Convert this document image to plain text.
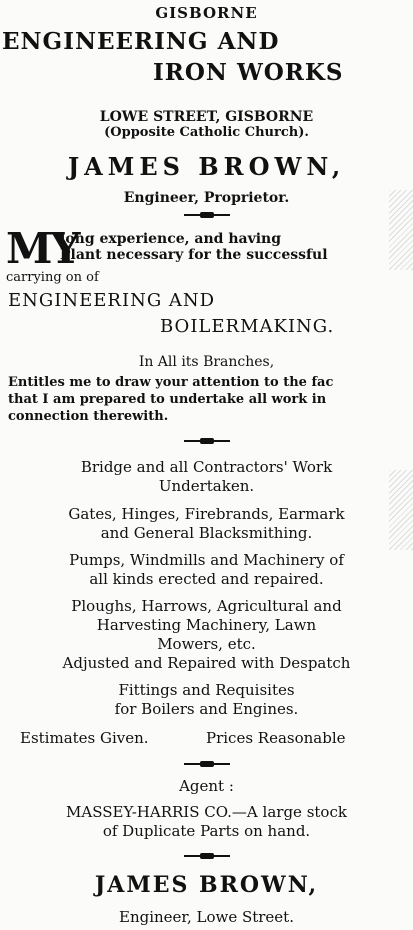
GISBORNE
ENGINEERING AND
IRON WORKS
LOWE STREET, GISBORNE
(Opposite Catholic Church).
JAMES BROWN,
Engineer, Proprietor.
MY
long experience, and having
Plant necessary for the successful
carrying on of
ENGINEERING AND
BOILERMAKING.
In All its Branches,
Entitles me to draw your attention to the fac
that I am prepared to undertake all work in
connection therewith.
Bridge and all Contractors' Work
Undertaken.
Gates, Hinges, Firebrands, Earmark
and General Blacksmithing.
Pumps, Windmills and Machinery of
all kinds erected and repaired.
Ploughs, Harrows, Agricultural and
Harvesting Machinery, Lawn
Mowers, etc.
Adjusted and Repaired with Despatch
Fittings and Requisites
for Boilers and Engines.
Estimates Given.	Prices Reasonable
Agent :
MASSEY-HARRIS CO.—A large stock
of Duplicate Parts on hand.
JAMES BROWN,
Engineer, Lowe Street.
